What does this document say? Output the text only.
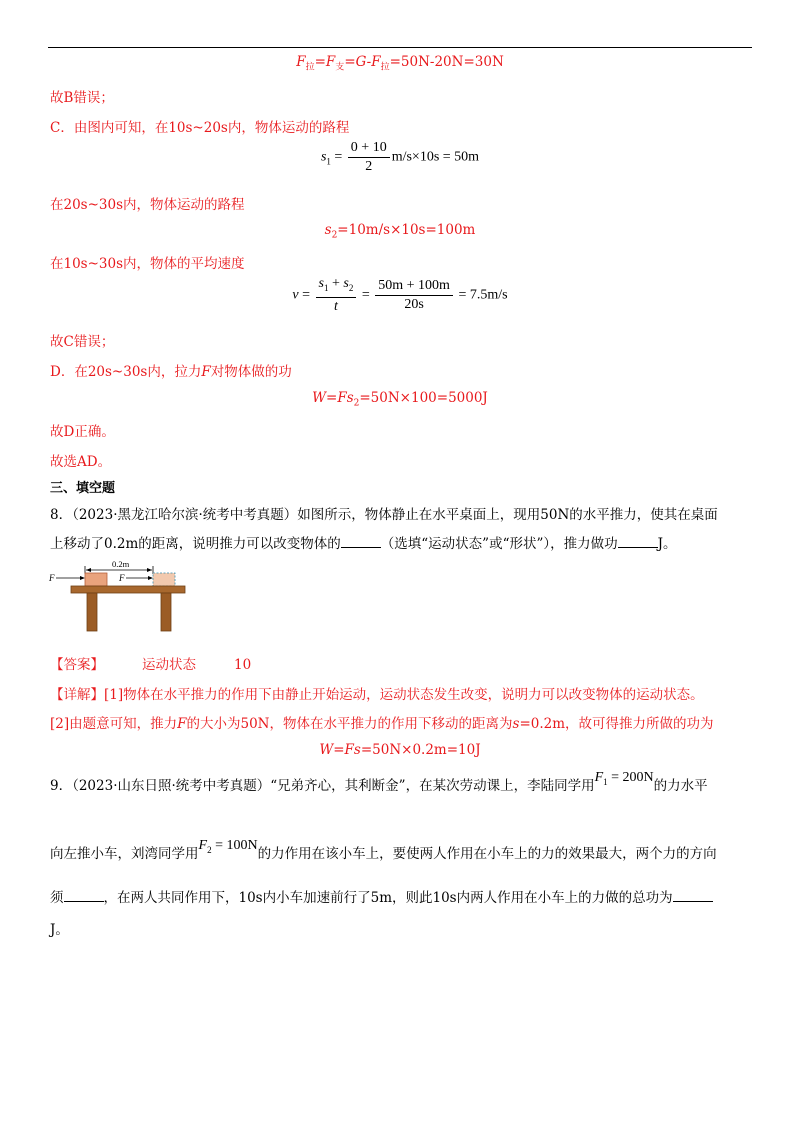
$F_拉=F_支=G-F_拉=50N-20N=30N$
故B错误；
C．由图内可知，在10s~20s内，物体运动的路程
$s_1 = \frac{0 + 10}{2} m/s\times 10s = 50m$
在20s~30s内，物体运动的路程
$s_2=10m/s\times 10s=100m$
在10s~30s内，物体的平均速度
$v = \frac{s_1 + s_2}{t} = \frac{50m + 100m}{20s} = 7.5m/s$
故C错误；
D．在20s~30s内，拉力F对物体做的功
$W=Fs_2=50N\times 100=5000J$
故D正确。
故选AD。
三、填空题
8．（2023·黑龙江哈尔滨·统考中考真题）如图所示，物体静止在水平桌面上，现用50N的水平推力，使其在桌面
上移动了0.2m的距离，说明推力可以改变物体的	（选填“运动状态”或“形状”），推力做功	J。
0.2m
F	F
【答案】	运动状态	10
【详解】[1]物体在水平推力的作用下由静止开始运动，运动状态发生改变，说明力可以改变物体的运动状态。
[2]由题意可知，推力F的大小为50N，物体在水平推力的作用下移动的距离为s=0.2m，故可得推力所做的功为
W=Fs=50N×0.2m=10J
9．（2023·山东日照·统考中考真题）“兄弟齐心，其利断金”，在某次劳动课上，李陆同学用$F_1 = 200N$的力水平
向左推小车，刘湾同学用$F_2 = 100N$的力作用在该小车上，要使两人作用在小车上的力的效果最大，两个力的方向
须	，在两人共同作用下，10s内小车加速前行了5m，则此10s内两人作用在小车上的力做的总功为
J。
